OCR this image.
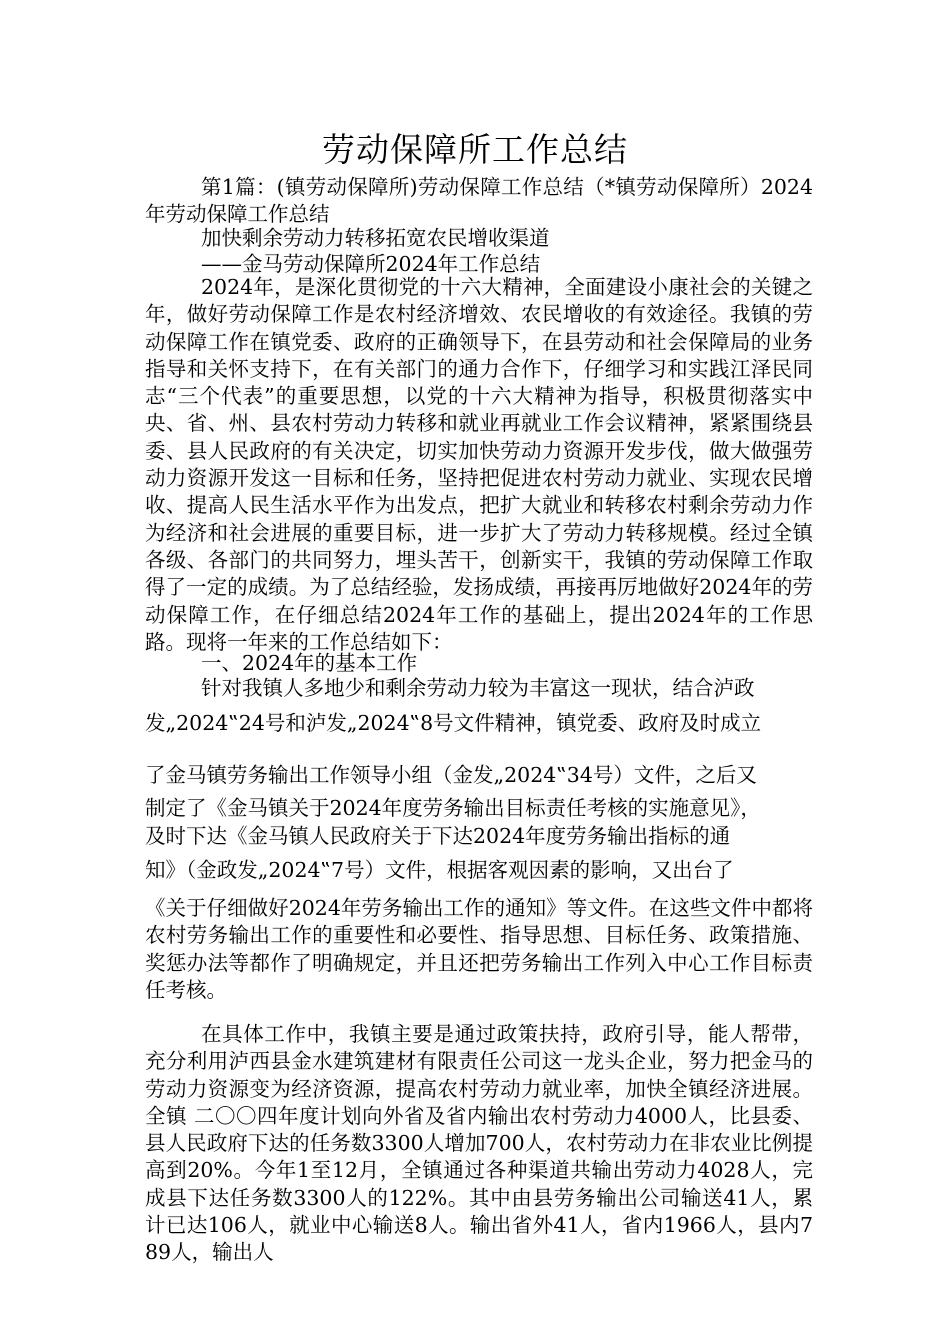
劳动保障所工作总结

第1篇：(镇劳动保障所)劳动保障工作总结（*镇劳动保障所）2024年劳动保障工作总结

加快剩余劳动力转移拓宽农民增收渠道

——金马劳动保障所2024年工作总结

2024年，是深化贯彻党的十六大精神，全面建设小康社会的关键之年，做好劳动保障工作是农村经济增效、农民增收的有效途径。我镇的劳动保障工作在镇党委、政府的正确领导下，在县劳动和社会保障局的业务指导和关怀支持下，在有关部门的通力合作下，仔细学习和实践江泽民同志“三个代表”的重要思想，以党的十六大精神为指导，积极贯彻落实中央、省、州、县农村劳动力转移和就业再就业工作会议精神，紧紧围绕县委、县人民政府的有关决定，切实加快劳动力资源开发步伐，做大做强劳动力资源开发这一目标和任务，坚持把促进农村劳动力就业、实现农民增收、提高人民生活水平作为出发点，把扩大就业和转移农村剩余劳动力作为经济和社会进展的重要目标，进一步扩大了劳动力转移规模。经过全镇各级、各部门的共同努力，埋头苦干，创新实干，我镇的劳动保障工作取得了一定的成绩。为了总结经验，发扬成绩，再接再厉地做好2024年的劳动保障工作，在仔细总结2024年工作的基础上，提出2024年的工作思路。现将一年来的工作总结如下：

一、2024年的基本工作

针对我镇人多地少和剩余劳动力较为丰富这一现状，结合泸政

发„2024‟24号和泸发„2024‟8号文件精神，镇党委、政府及时成立

了金马镇劳务输出工作领导小组（金发„2024‟34号）文件，之后又

制定了《金马镇关于2024年度劳务输出目标责任考核的实施意见》，

及时下达《金马镇人民政府关于下达2024年度劳务输出指标的通

知》（金政发„2024‟7号）文件，根据客观因素的影响，又出台了

《关于仔细做好2024年劳务输出工作的通知》等文件。在这些文件中都将农村劳务输出工作的重要性和必要性、指导思想、目标任务、政策措施、奖惩办法等都作了明确规定，并且还把劳务输出工作列入中心工作目标责任考核。

在具体工作中，我镇主要是通过政策扶持，政府引导，能人帮带，充分利用泸西县金水建筑建材有限责任公司这一龙头企业，努力把金马的劳动力资源变为经济资源，提高农村劳动力就业率，加快全镇经济进展。全镇 二〇〇四年度计划向外省及省内输出农村劳动力4000人，比县委、县人民政府下达的任务数3300人增加700人，农村劳动力在非农业比例提高到20%。今年1至12月，全镇通过各种渠道共输出劳动力4028人，完成县下达任务数3300人的122%。其中由县劳务输出公司输送41人，累计已达106人，就业中心输送8人。输出省外41人，省内1966人，县内789人，输出人
